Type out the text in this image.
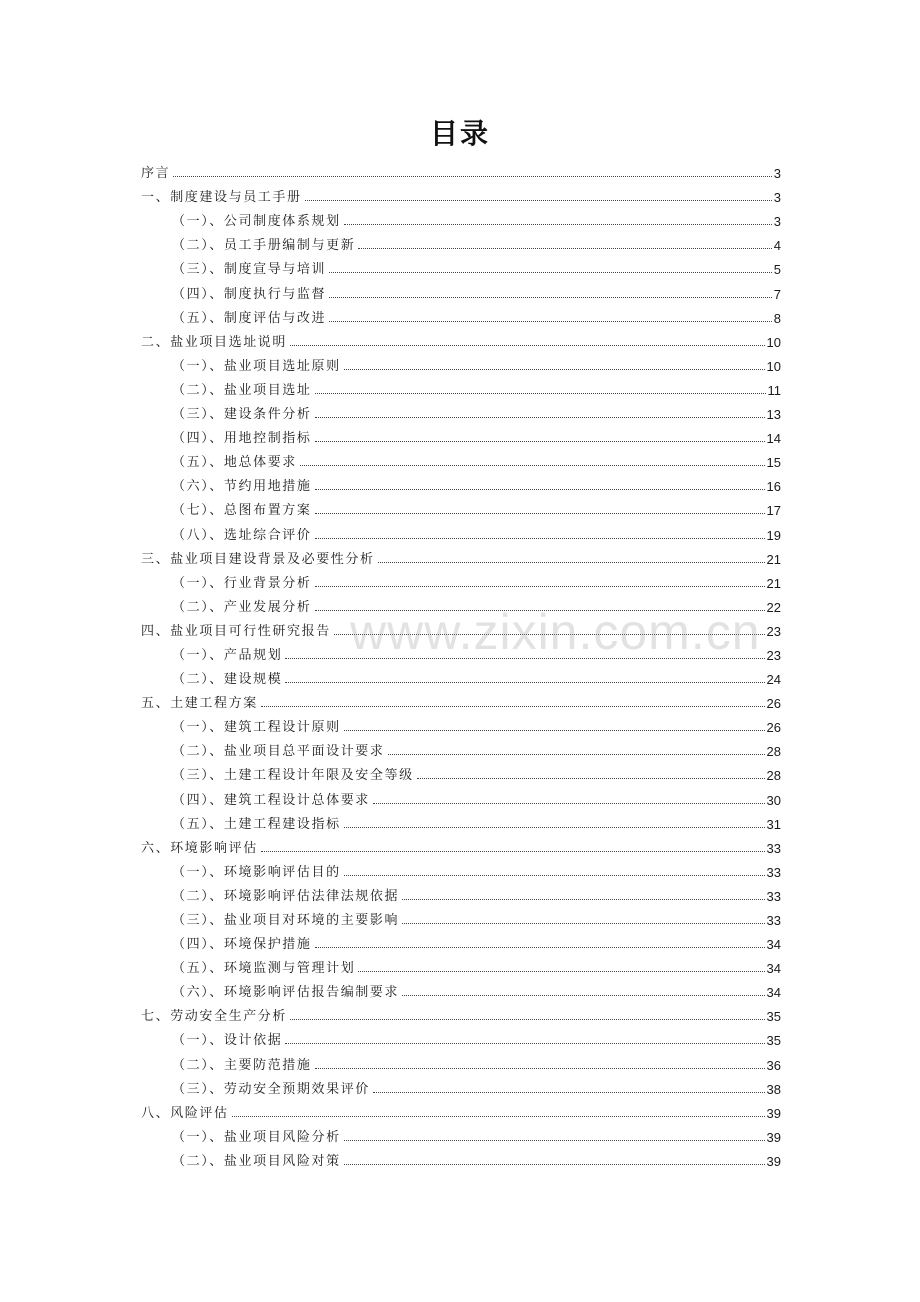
目录
序言	3
一、制度建设与员工手册	3
（一）、公司制度体系规划	3
（二）、员工手册编制与更新	4
（三）、制度宣导与培训	5
（四）、制度执行与监督	7
（五）、制度评估与改进	8
二、盐业项目选址说明	10
（一）、盐业项目选址原则	10
（二）、盐业项目选址	11
（三）、建设条件分析	13
（四）、用地控制指标	14
（五）、地总体要求	15
（六）、节约用地措施	16
（七）、总图布置方案	17
（八）、选址综合评价	19
三、盐业项目建设背景及必要性分析	21
（一）、行业背景分析	21
（二）、产业发展分析	22
四、盐业项目可行性研究报告	23
（一）、产品规划	23
（二）、建设规模	24
五、土建工程方案	26
（一）、建筑工程设计原则	26
（二）、盐业项目总平面设计要求	28
（三）、土建工程设计年限及安全等级	28
（四）、建筑工程设计总体要求	30
（五）、土建工程建设指标	31
六、环境影响评估	33
（一）、环境影响评估目的	33
（二）、环境影响评估法律法规依据	33
（三）、盐业项目对环境的主要影响	33
（四）、环境保护措施	34
（五）、环境监测与管理计划	34
（六）、环境影响评估报告编制要求	34
七、劳动安全生产分析	35
（一）、设计依据	35
（二）、主要防范措施	36
（三）、劳动安全预期效果评价	38
八、风险评估	39
（一）、盐业项目风险分析	39
（二）、盐业项目风险对策	39
www.zixin.com.cn
